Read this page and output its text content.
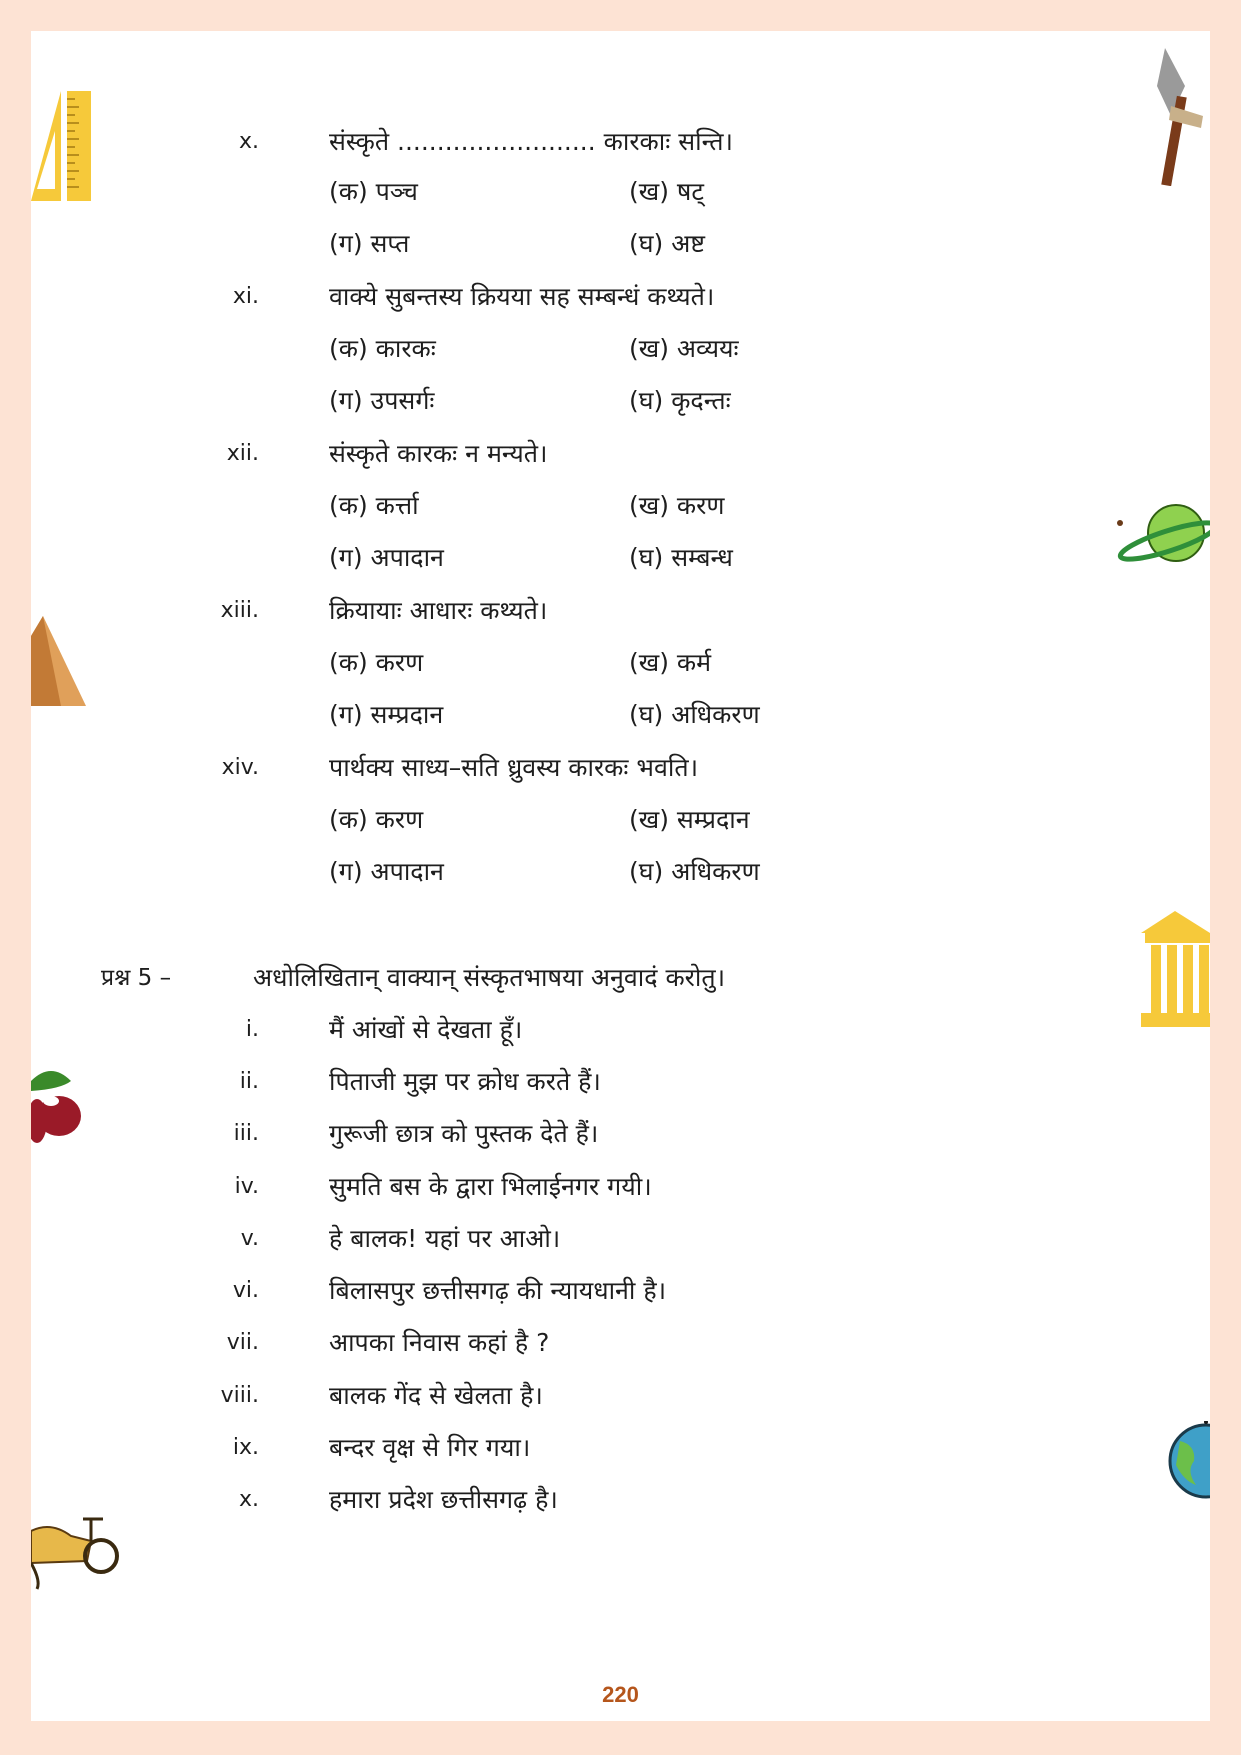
x.	संस्कृते ......................... कारकाः सन्ति।
(क) पञ्च	(ख) षट्
(ग) सप्त	(घ) अष्ट
xi.	वाक्ये सुबन्तस्य क्रियया सह सम्बन्धं कथ्यते।
(क) कारकः	(ख) अव्ययः
(ग) उपसर्गः	(घ) कृदन्तः
xii.	संस्कृते कारकः न मन्यते।
(क) कर्त्ता	(ख) करण
(ग) अपादान	(घ) सम्बन्ध
xiii.	क्रियायाः आधारः कथ्यते।
(क) करण	(ख) कर्म
(ग) सम्प्रदान	(घ) अधिकरण
xiv.	पार्थक्य साध्य–सति ध्रुवस्य कारकः भवति।
(क) करण	(ख) सम्प्रदान
(ग) अपादान	(घ) अधिकरण
प्रश्न 5 –	अधोलिखितान् वाक्यान् संस्कृतभाषया अनुवादं करोतु।
i.	मैं आंखों से देखता हूँ।
ii.	पिताजी मुझ पर क्रोध करते हैं।
iii.	गुरूजी छात्र को पुस्तक देते हैं।
iv.	सुमति बस के द्वारा भिलाईनगर गयी।
v.	हे बालक! यहां पर आओ।
vi.	बिलासपुर छत्तीसगढ़ की न्यायधानी है।
vii.	आपका निवास कहां है ?
viii.	बालक गेंद से खेलता है।
ix.	बन्दर वृक्ष से गिर गया।
x.	हमारा प्रदेश छत्तीसगढ़ है।
220
